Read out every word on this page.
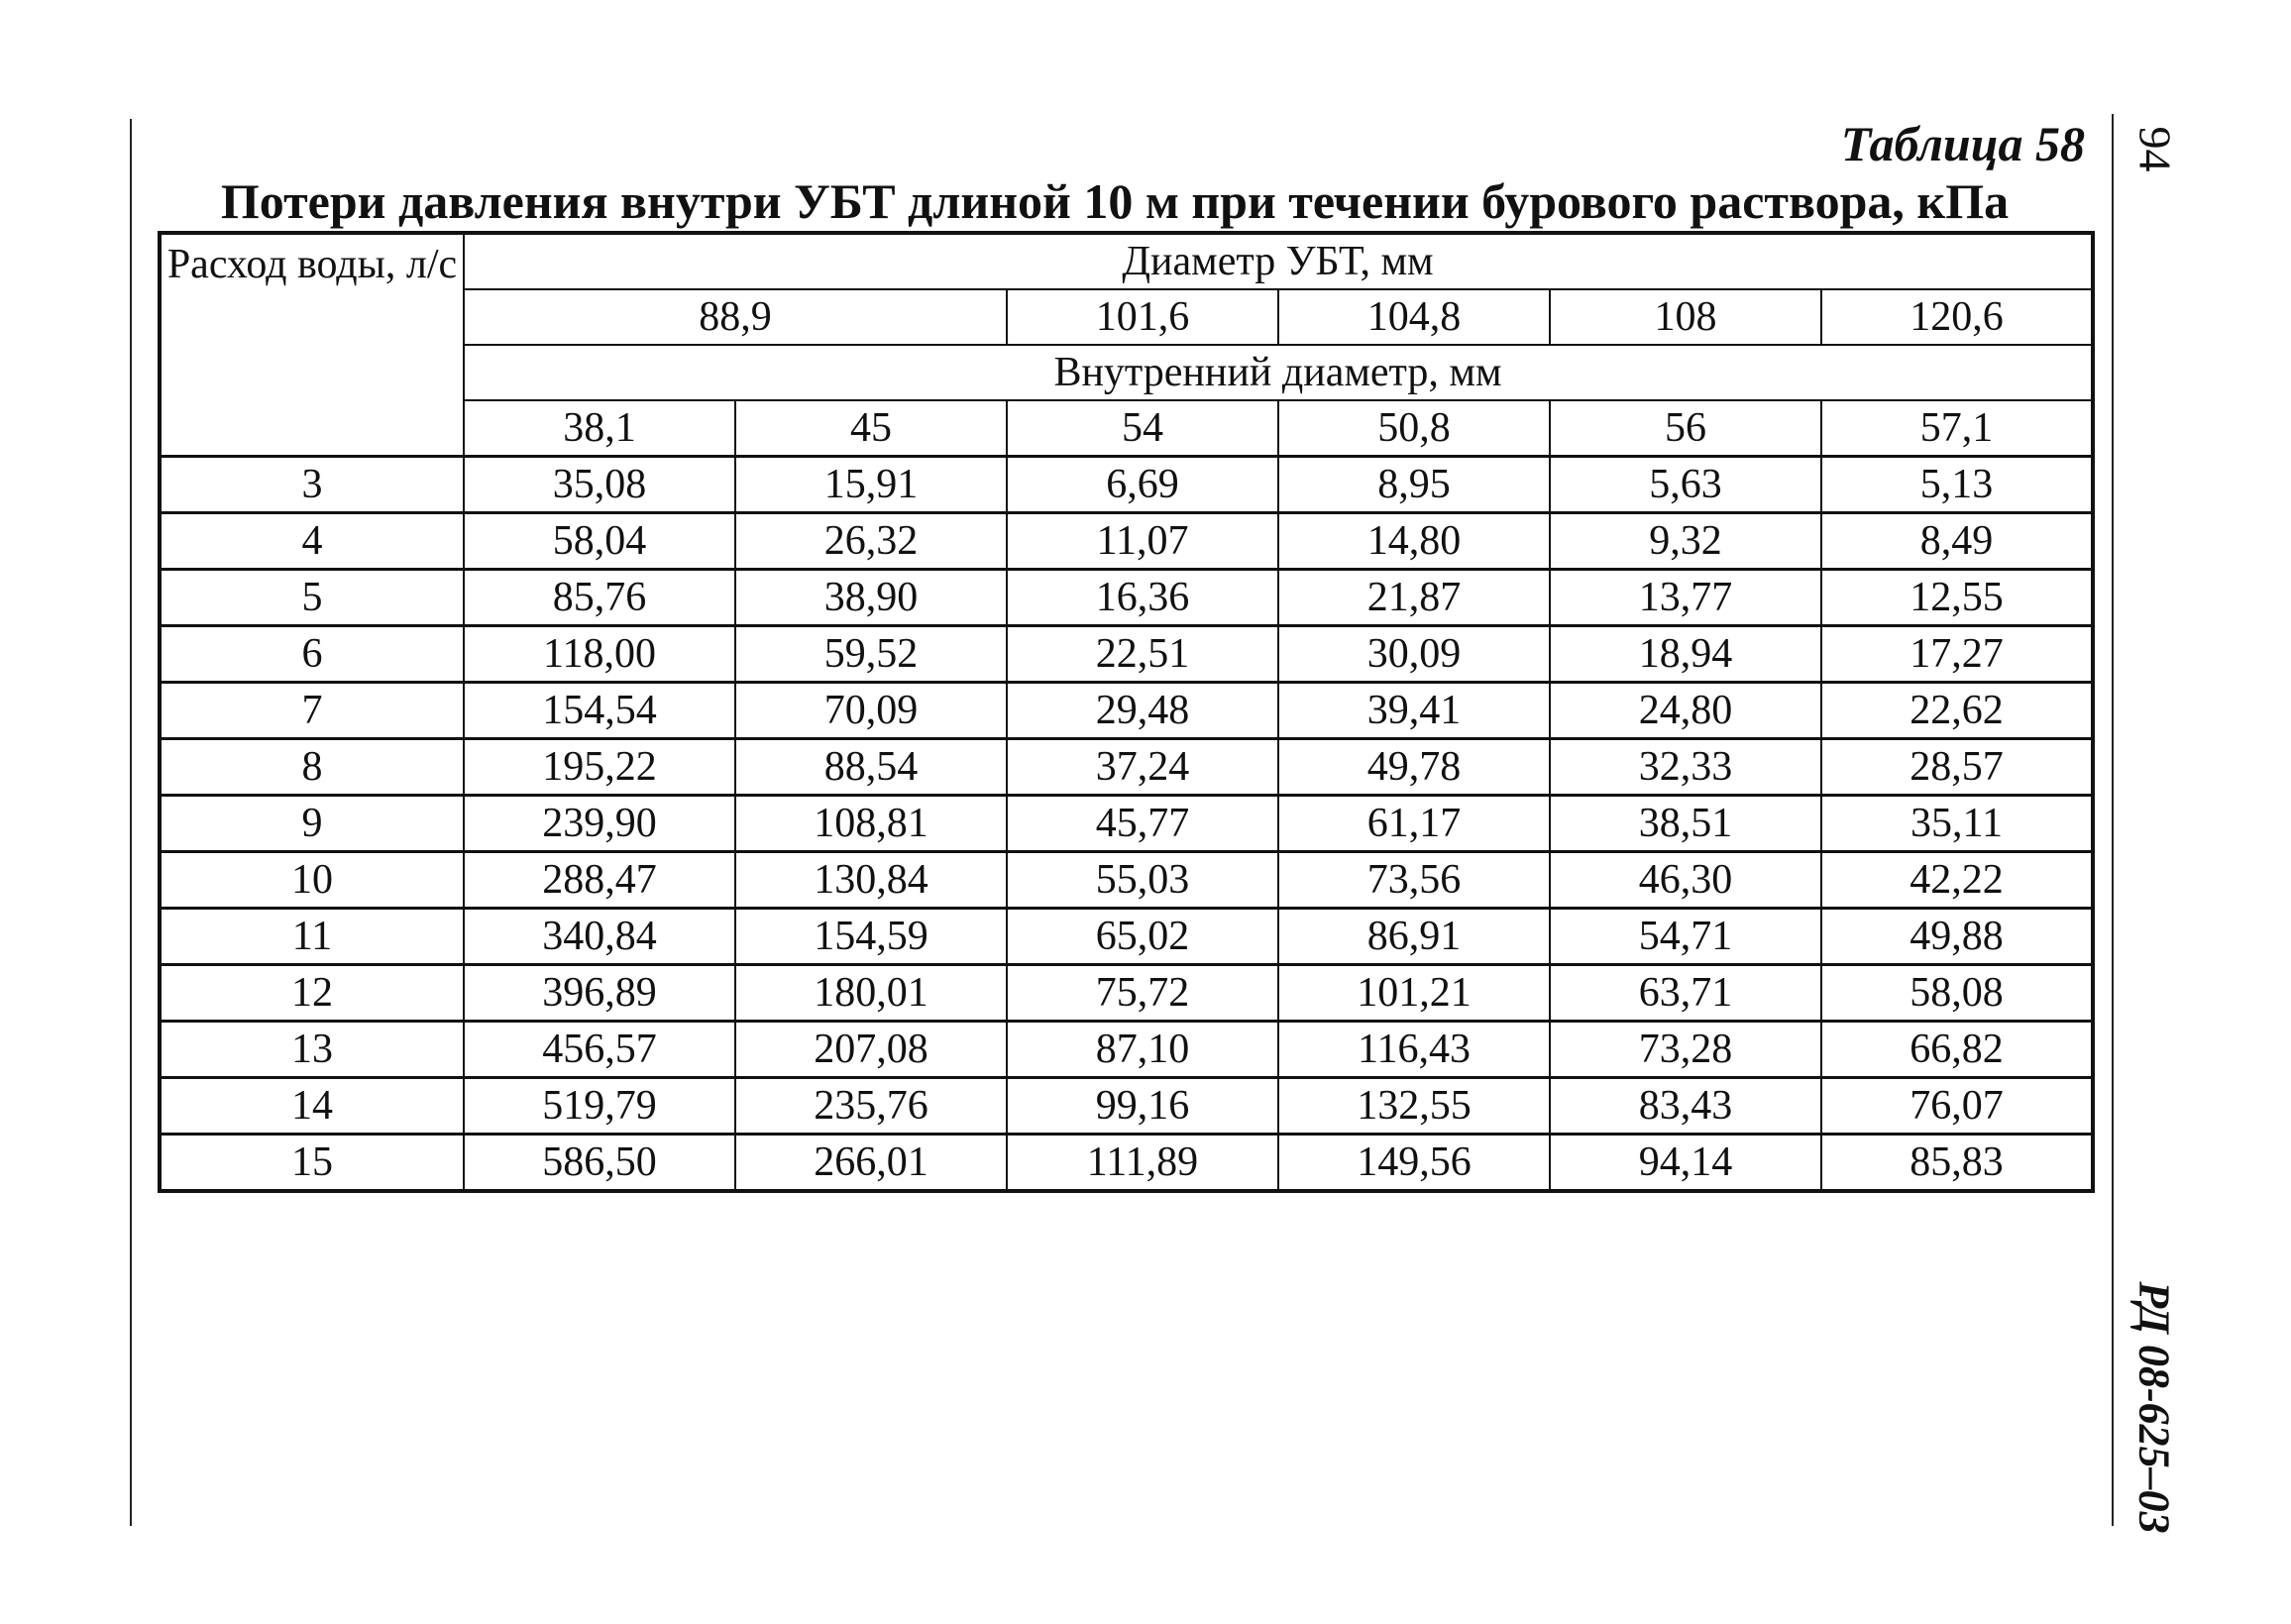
Таблица 58
Потери давления внутри УБТ длиной 10 м при течении бурового раствора, кПа
94
РД 08-625–03
Расход воды, л/с	Диаметр УБТ, мм					
	88,9		101,6	104,8	108	120,6
	Внутренний диаметр, мм					
	38,1	45	54	50,8	56	57,1
3	35,08	15,91	6,69	8,95	5,63	5,13
4	58,04	26,32	11,07	14,80	9,32	8,49
5	85,76	38,90	16,36	21,87	13,77	12,55
6	118,00	59,52	22,51	30,09	18,94	17,27
7	154,54	70,09	29,48	39,41	24,80	22,62
8	195,22	88,54	37,24	49,78	32,33	28,57
9	239,90	108,81	45,77	61,17	38,51	35,11
10	288,47	130,84	55,03	73,56	46,30	42,22
11	340,84	154,59	65,02	86,91	54,71	49,88
12	396,89	180,01	75,72	101,21	63,71	58,08
13	456,57	207,08	87,10	116,43	73,28	66,82
14	519,79	235,76	99,16	132,55	83,43	76,07
15	586,50	266,01	111,89	149,56	94,14	85,83
